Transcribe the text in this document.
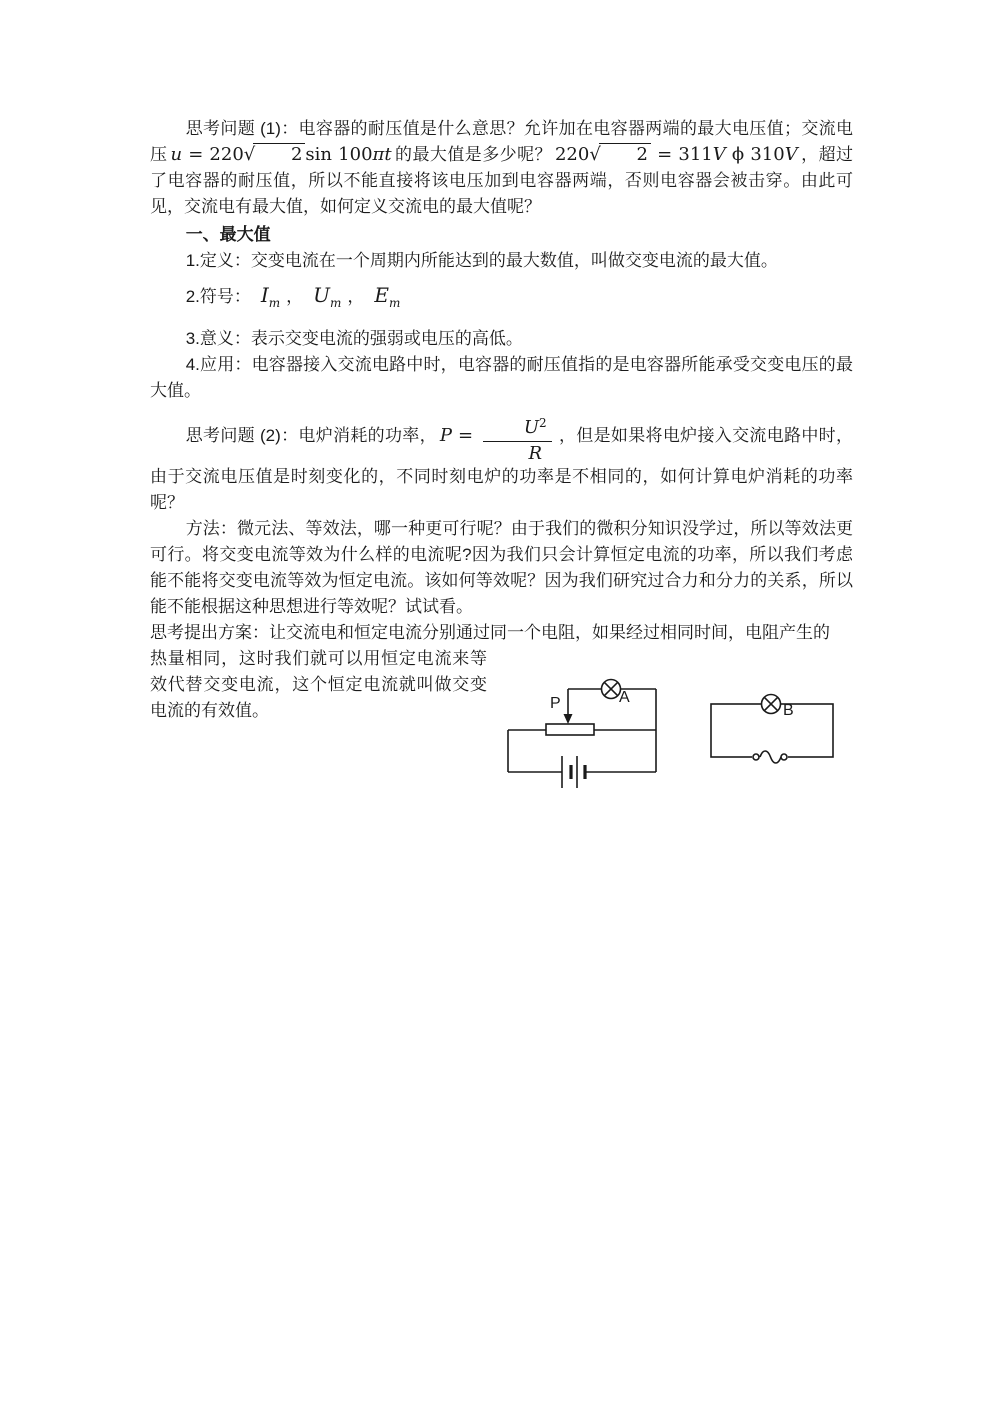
思考问题 (1)：电容器的耐压值是什么意思？允许加在电容器两端的最大电压值；交流电压 u = 220√ 2 sin 100πt 的最大值是多少呢？ 220√ 2 = 311V ϕ 310V ，超过了电容器的耐压值，所以不能直接将该电压加到电容器两端，否则电容器会被击穿。由此可见，交流电有最大值，如何定义交流电的最大值呢？

一、最大值

1.定义：交变电流在一个周期内所能达到的最大数值，叫做交变电流的最大值。

2.符号： $I_m$ ， $U_m$ ， $E_m$

3.意义：表示交变电流的强弱或电压的高低。

4.应用：电容器接入交流电路中时，电容器的耐压值指的是电容器所能承受交变电压的最大值。

思考问题 (2)：电炉消耗的功率， $P = \frac{U^2}{R}$ ，但是如果将电炉接入交流电路中时，由于交流电压值是时刻变化的，不同时刻电炉的功率是不相同的，如何计算电炉消耗的功率呢？

方法：微元法、等效法，哪一种更可行呢？由于我们的微积分知识没学过，所以等效法更可行。将交变电流等效为什么样的电流呢?因为我们只会计算恒定电流的功率，所以我们考虑能不能将交变电流等效为恒定电流。该如何等效呢？因为我们研究过合力和分力的关系，所以能不能根据这种思想进行等效呢？试试看。

思考提出方案：让交流电和恒定电流分别通过同一个电阻，如果经过相同时间，电阻产生的

P	A
B
热量相同，这时我们就可以用恒定电流来等效代替交变电流，这个恒定电流就叫做交变电流的有效值。
